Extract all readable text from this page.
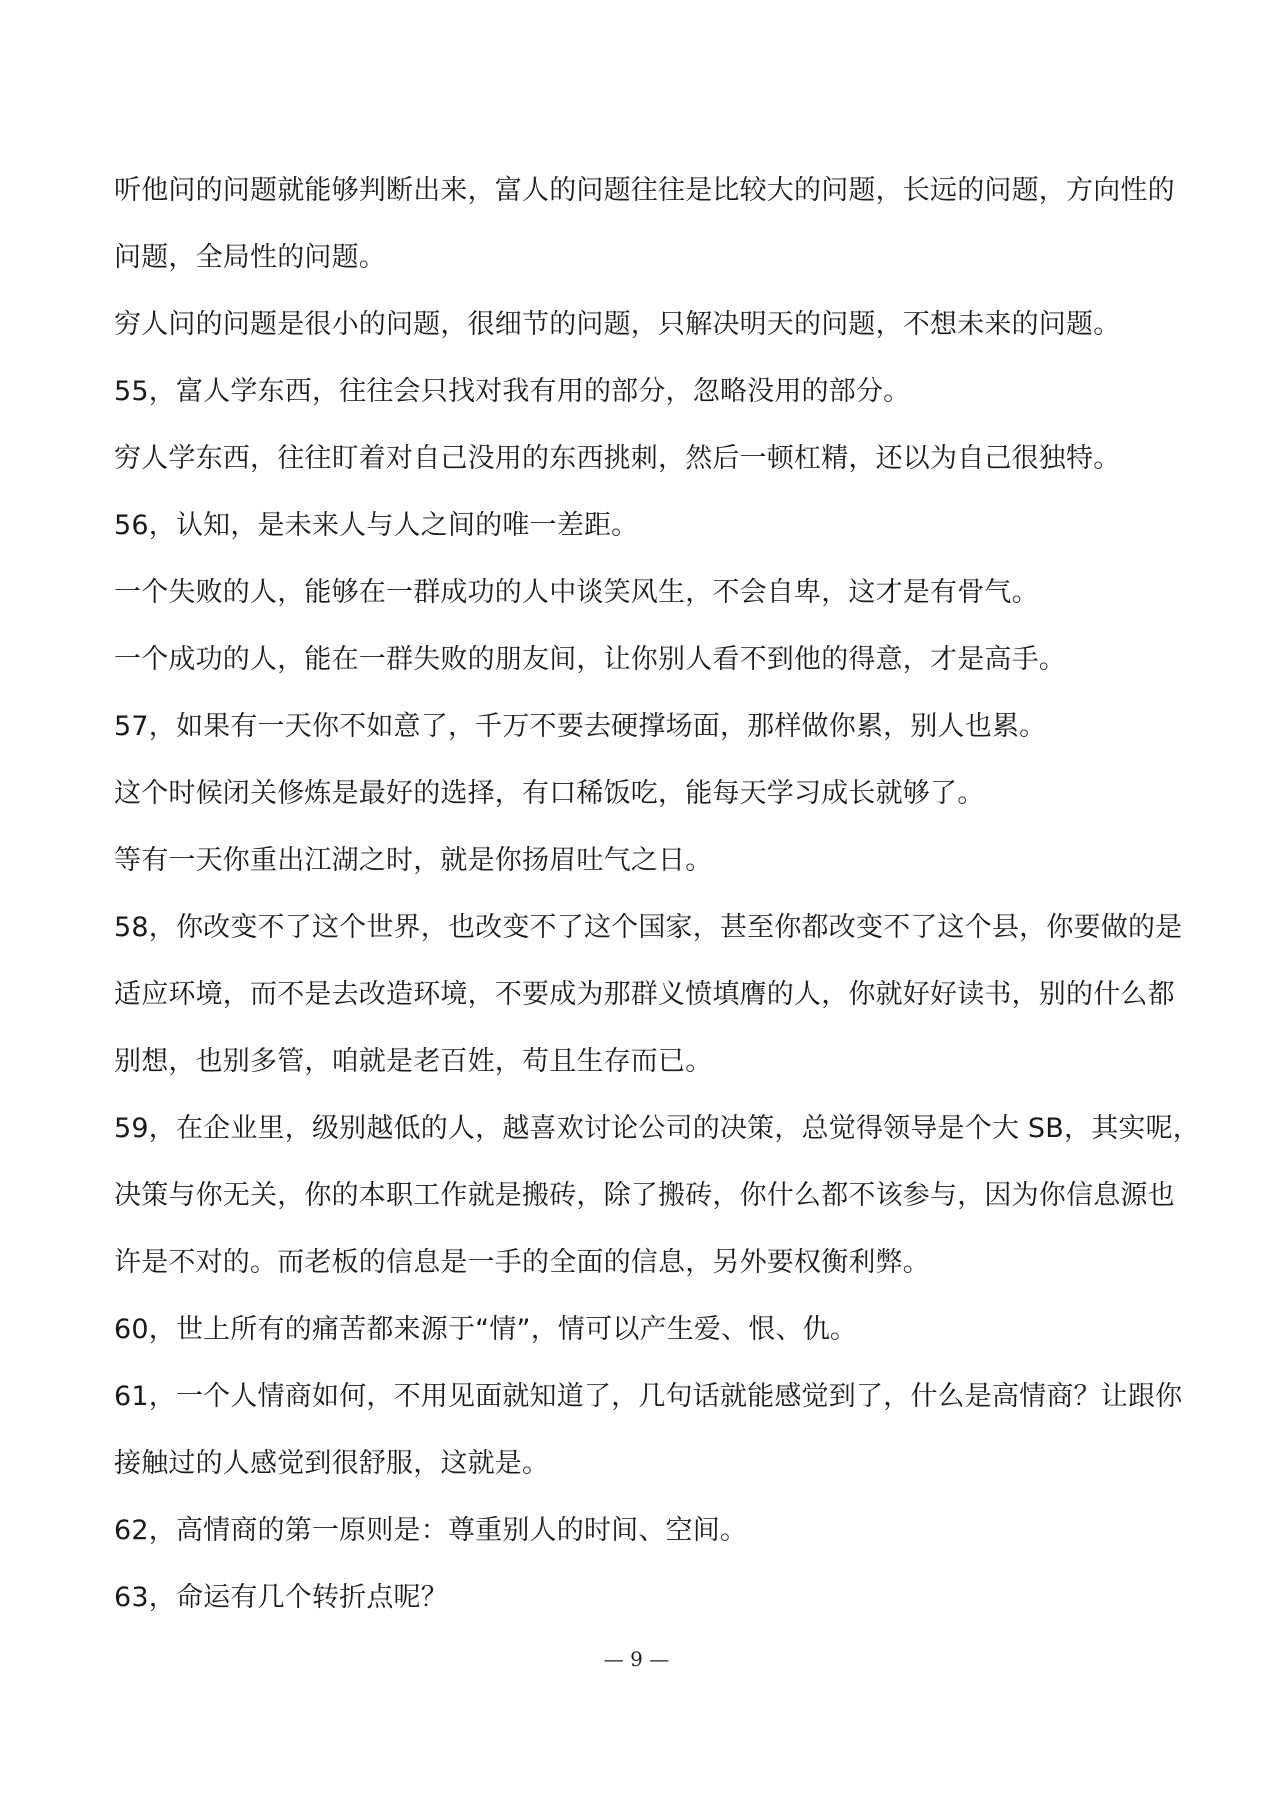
听他问的问题就能够判断出来，富人的问题往往是比较大的问题，长远的问题，方向性的
问题，全局性的问题。
穷人问的问题是很小的问题，很细节的问题，只解决明天的问题，不想未来的问题。
55，富人学东西，往往会只找对我有用的部分，忽略没用的部分。
穷人学东西，往往盯着对自己没用的东西挑刺，然后一顿杠精，还以为自己很独特。
56，认知，是未来人与人之间的唯一差距。
一个失败的人，能够在一群成功的人中谈笑风生，不会自卑，这才是有骨气。
一个成功的人，能在一群失败的朋友间，让你别人看不到他的得意，才是高手。
57，如果有一天你不如意了，千万不要去硬撑场面，那样做你累，别人也累。
这个时候闭关修炼是最好的选择，有口稀饭吃，能每天学习成长就够了。
等有一天你重出江湖之时，就是你扬眉吐气之日。
58，你改变不了这个世界，也改变不了这个国家，甚至你都改变不了这个县，你要做的是
适应环境，而不是去改造环境，不要成为那群义愤填膺的人，你就好好读书，别的什么都
别想，也别多管，咱就是老百姓，苟且生存而已。
59，在企业里，级别越低的人，越喜欢讨论公司的决策，总觉得领导是个大 SB，其实呢，
决策与你无关，你的本职工作就是搬砖，除了搬砖，你什么都不该参与，因为你信息源也
许是不对的。而老板的信息是一手的全面的信息，另外要权衡利弊。
60，世上所有的痛苦都来源于“情”，情可以产生爱、恨、仇。
61，一个人情商如何，不用见面就知道了，几句话就能感觉到了，什么是高情商？让跟你
接触过的人感觉到很舒服，这就是。
62，高情商的第一原则是：尊重别人的时间、空间。
63，命运有几个转折点呢？
— 9 —
